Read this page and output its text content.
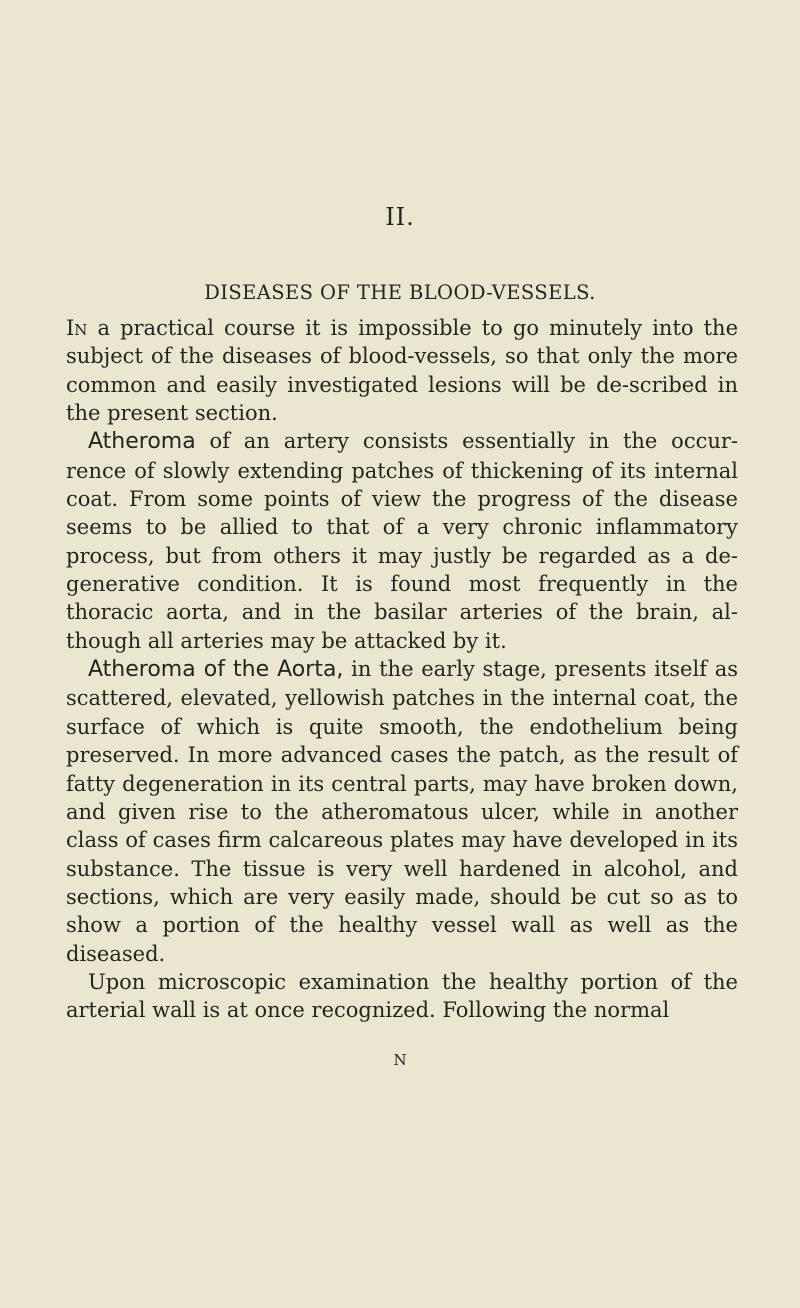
II.
DISEASES OF THE BLOOD-VESSELS.

In a practical course it is impossible to go minutely into the subject of the diseases of blood-vessels, so that only the more common and easily investigated lesions will be de-scribed in the present section.

Atheroma of an artery consists essentially in the occur-rence of slowly extending patches of thickening of its internal coat. From some points of view the progress of the disease seems to be allied to that of a very chronic inflammatory process, but from others it may justly be regarded as a de-generative condition. It is found most frequently in the thoracic aorta, and in the basilar arteries of the brain, al-though all arteries may be attacked by it.

Atheroma of the Aorta, in the early stage, presents itself as scattered, elevated, yellowish patches in the internal coat, the surface of which is quite smooth, the endothelium being preserved. In more advanced cases the patch, as the result of fatty degeneration in its central parts, may have broken down, and given rise to the atheromatous ulcer, while in another class of cases firm calcareous plates may have developed in its substance. The tissue is very well hardened in alcohol, and sections, which are very easily made, should be cut so as to show a portion of the healthy vessel wall as well as the diseased.

Upon microscopic examination the healthy portion of the arterial wall is at once recognized. Following the normal

N
